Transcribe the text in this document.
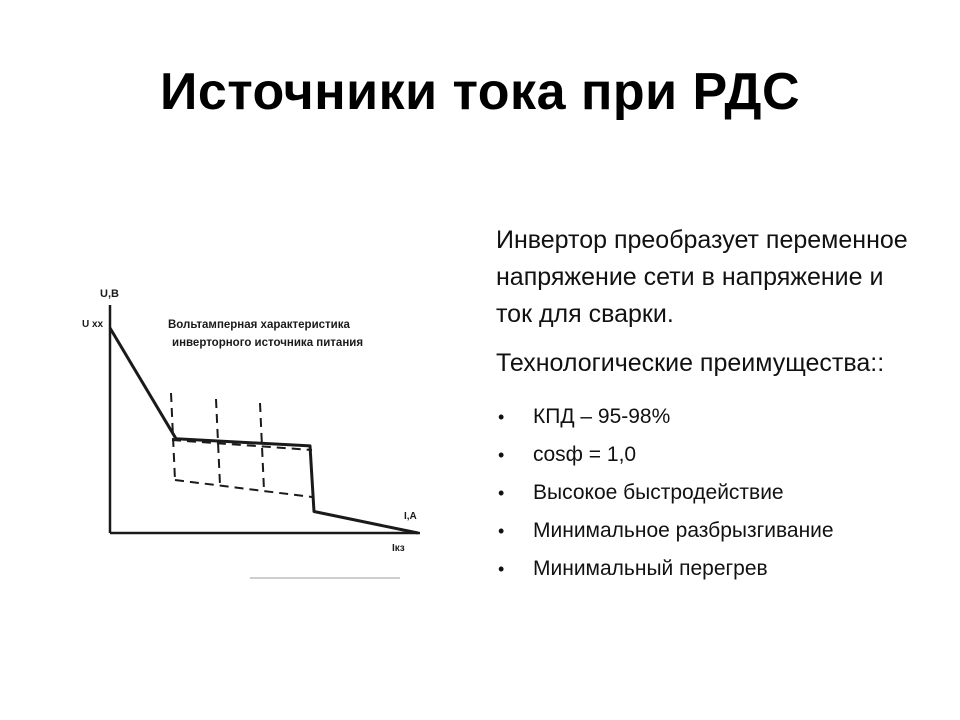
Источники тока при РДС
U,B
U хх
I,A
Iкз
Вольтамперная характеристика
инверторного источника питания

Инвертор преобразует переменное напряжение сети в напряжение и ток для сварки.

Технологические преимущества::

• КПД – 95-98%
• cosф = 1,0
• Высокое быстродействие
• Минимальное разбрызгивание
• Минимальный перегрев
